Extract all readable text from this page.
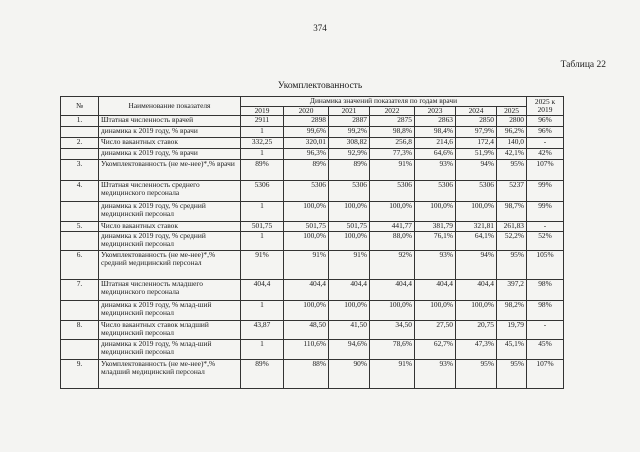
374
Таблица 22
Укомплектованность
№	Наименование показателя	Динамика значений показателя по годам врачи							2025 к 2019
		2019	2020	2021	2022	2023	2024	2025	
1.	Штатная численность врачей	2911	2898	2887	2875	2863	2850	2800	96%
	динамика к 2019 году, % врачи	1	99,6%	99,2%	98,8%	98,4%	97,9%	96,2%	96%
2.	Число вакантных ставок	332,25	320,01	308,82	256,8	214,6	172,4	140,0	-
	динамика к 2019 году, % врачи	1	96,3%	92,9%	77,3%	64,6%	51,9%	42,1%	42%
3.	Укомплектованность (не ме-нее)*,% врачи	89%	89%	89%	91%	93%	94%	95%	107%
4.	Штатная численность среднего медицинского персонала	5306	5306	5306	5306	5306	5306	5237	99%
	динамика к 2019 году, % средний медицинский персонал	1	100,0%	100,0%	100,0%	100,0%	100,0%	98,7%	99%
5.	Число вакантных ставок	501,75	501,75	501,75	441,77	381,79	321,81	261,83	-
	динамика к 2019 году, % средний медицинский персонал	1	100,0%	100,0%	88,0%	76,1%	64,1%	52,2%	52%
6.	Укомплектованность (не ме-нее)*,% средний медицинский персонал	91%	91%	91%	92%	93%	94%	95%	105%
7.	Штатная численность младшего медицинского персонала	404,4	404,4	404,4	404,4	404,4	404,4	397,2	98%
	динамика к 2019 году, % млад-ший медицинский персонал	1	100,0%	100,0%	100,0%	100,0%	100,0%	98,2%	98%
8.	Число вакантных ставок младший медицинский персонал	43,87	48,50	41,50	34,50	27,50	20,75	19,79	-
	динамика к 2019 году, % млад-ший медицинский персонал	1	110,6%	94,6%	78,6%	62,7%	47,3%	45,1%	45%
9.	Укомплектованность (не ме-нее)*,% младший медицинский персонал	89%	88%	90%	91%	93%	95%	95%	107%
